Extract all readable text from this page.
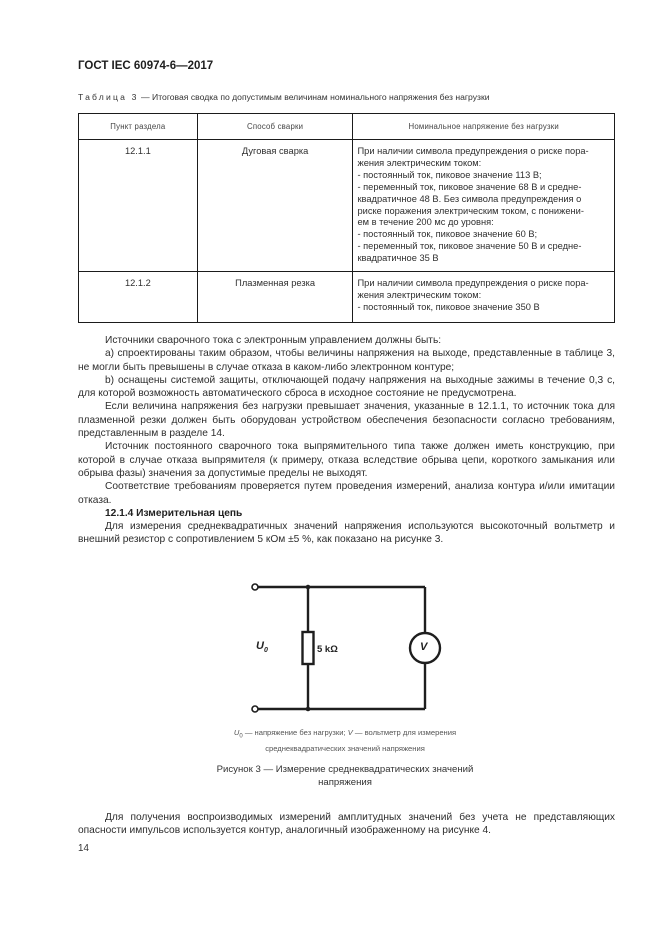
ГОСТ IEC 60974-6—2017
Таблица 3 — Итоговая сводка по допустимым величинам номинального напряжения без нагрузки
Пункт раздела	Способ сварки	Номинальное напряжение без нагрузки
12.1.1	Дуговая сварка	При наличии символа предупреждения о риске пора-
жения электрическим током:
- постоянный ток, пиковое значение 113 В;
- переменный ток, пиковое значение 68 В и средне-
квадратичное 48 В. Без символа предупреждения о
риске поражения электрическим током, с понижени-
ем в течение 200 мс до уровня:
- постоянный ток, пиковое значение 60 В;
- переменный ток, пиковое значение 50 В и средне-
квадратичное 35 В

12.1.2	Плазменная резка	При наличии символа предупреждения о риске пора-
жения электрическим током:
- постоянный ток, пиковое значение 350 В

Источники сварочного тока с электронным управлением должны быть:

a) спроектированы таким образом, чтобы величины напряжения на выходе, представленные в таблице 3, не могли быть превышены в случае отказа в каком-либо электронном контуре;

b) оснащены системой защиты, отключающей подачу напряжения на выходные зажимы в течение 0,3 с, для которой возможность автоматического сброса в исходное состояние не предусмотрена.

Если величина напряжения без нагрузки превышает значения, указанные в 12.1.1, то источник тока для плазменной резки должен быть оборудован устройством обеспечения безопасности согласно требованиям, представленным в разделе 14.

Источник постоянного сварочного тока выпрямительного типа также должен иметь конструкцию, при которой в случае отказа выпрямителя (к примеру, отказа вследствие обрыва цепи, короткого замыкания или обрыва фазы) значения за допустимые пределы не выходят.

Соответствие требованиям проверяется путем проведения измерений, анализа контура и/или имитации отказа.

12.1.4 Измерительная цепь

Для измерения среднеквадратичных значений напряжения используются высокоточный вольтметр и внешний резистор с сопротивлением 5 кОм ±5 %, как показано на рисунке 3.

$U_0$	5 kΩ	V
$U_0$ — напряжение без нагрузки; V — вольтметр для измерения
среднеквадратических значений напряжения
Рисунок 3 — Измерение среднеквадратических значений напряжения

Для получения воспроизводимых измерений амплитудных значений без учета не представляющих опасности импульсов используется контур, аналогичный изображенному на рисунке 4.

14
